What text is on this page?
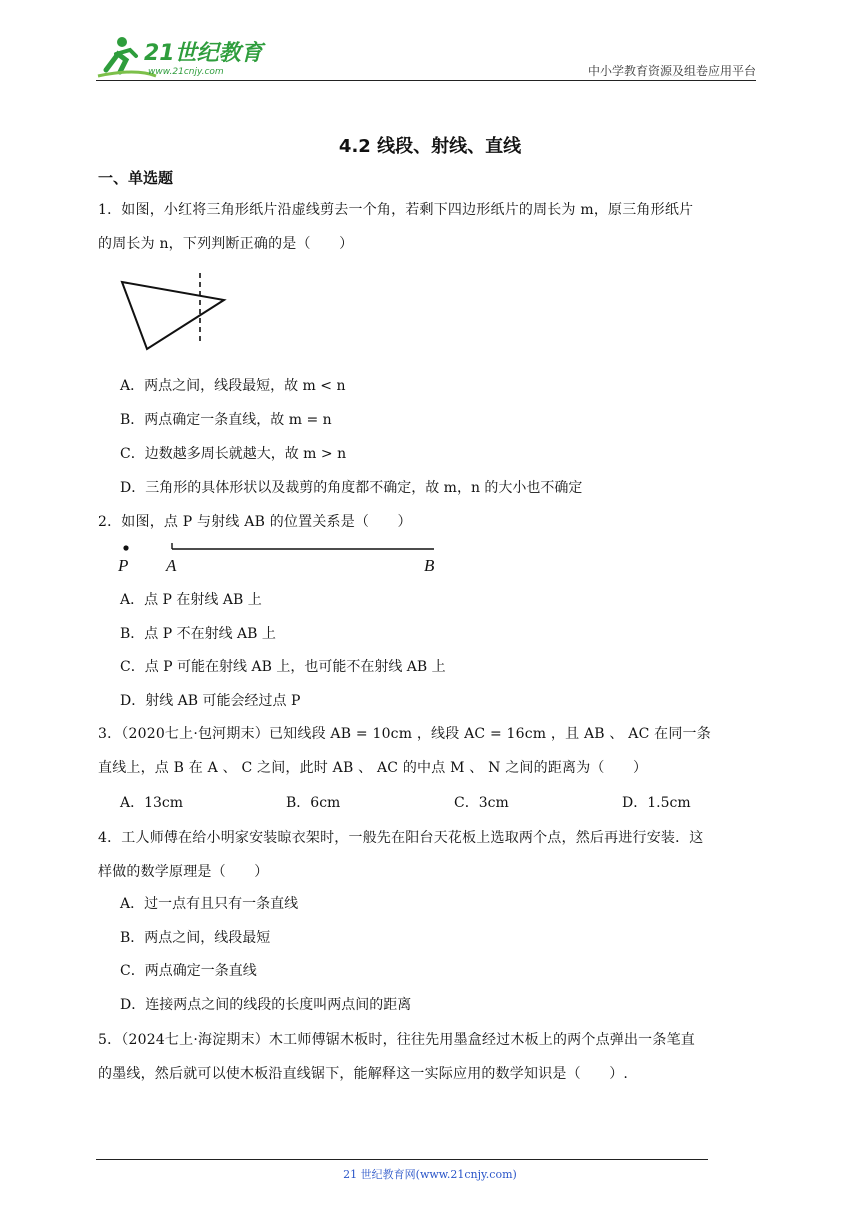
21世纪教育
www.21cnjy.com	中小学教育资源及组卷应用平台
4.2 线段、射线、直线
一、单选题
1．如图，小红将三角形纸片沿虚线剪去一个角，若剩下四边形纸片的周长为 m，原三角形纸片
的周长为 n，下列判断正确的是（　　）
A．两点之间，线段最短，故 m < n
B．两点确定一条直线，故 m = n
C．边数越多周长就越大，故 m > n
D．三角形的具体形状以及裁剪的角度都不确定，故 m，n 的大小也不确定
2．如图，点 P 与射线 AB 的位置关系是（　　）
P A	B
A．点 P 在射线 AB 上
B．点 P 不在射线 AB 上
C．点 P 可能在射线 AB 上，也可能不在射线 AB 上
D．射线 AB 可能会经过点 P
3．（2020七上·包河期末）已知线段 AB = 10cm ，线段 AC = 16cm ，且 AB 、 AC 在同一条
直线上，点 B 在 A 、 C 之间，此时 AB 、 AC 的中点 M 、 N 之间的距离为（　　）
A．13cm	B．6cm	C．3cm	D．1.5cm
4．工人师傅在给小明家安装晾衣架时，一般先在阳台天花板上选取两个点，然后再进行安装．这
样做的数学原理是（　　）
A．过一点有且只有一条直线
B．两点之间，线段最短
C．两点确定一条直线
D．连接两点之间的线段的长度叫两点间的距离
5．（2024七上·海淀期末）木工师傅锯木板时，往往先用墨盒经过木板上的两个点弹出一条笔直
的墨线，然后就可以使木板沿直线锯下，能解释这一实际应用的数学知识是（　　）.
21 世纪教育网(www.21cnjy.com)
